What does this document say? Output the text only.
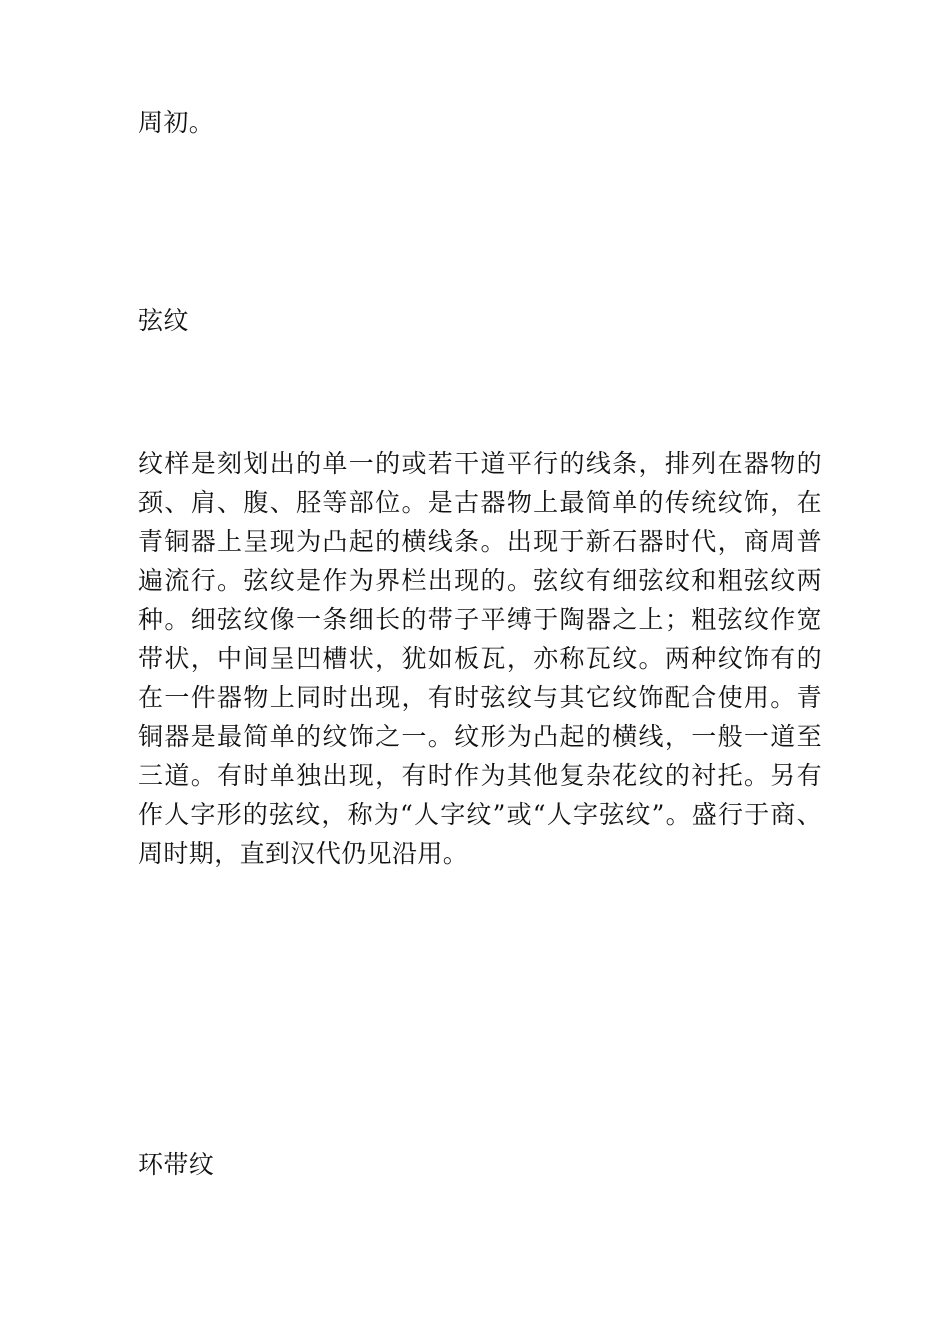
周初。

弦纹

纹样是刻划出的单一的或若干道平行的线条，排列在器物的颈、肩、腹、胫等部位。是古器物上最简单的传统纹饰，在青铜器上呈现为凸起的横线条。出现于新石器时代，商周普遍流行。弦纹是作为界栏出现的。弦纹有细弦纹和粗弦纹两种。细弦纹像一条细长的带子平缚于陶器之上；粗弦纹作宽带状，中间呈凹槽状，犹如板瓦，亦称瓦纹。两种纹饰有的在一件器物上同时出现，有时弦纹与其它纹饰配合使用。青铜器是最简单的纹饰之一。纹形为凸起的横线，一般一道至三道。有时单独出现，有时作为其他复杂花纹的衬托。另有作人字形的弦纹，称为“人字纹”或“人字弦纹”。盛行于商、周时期，直到汉代仍见沿用。

环带纹
